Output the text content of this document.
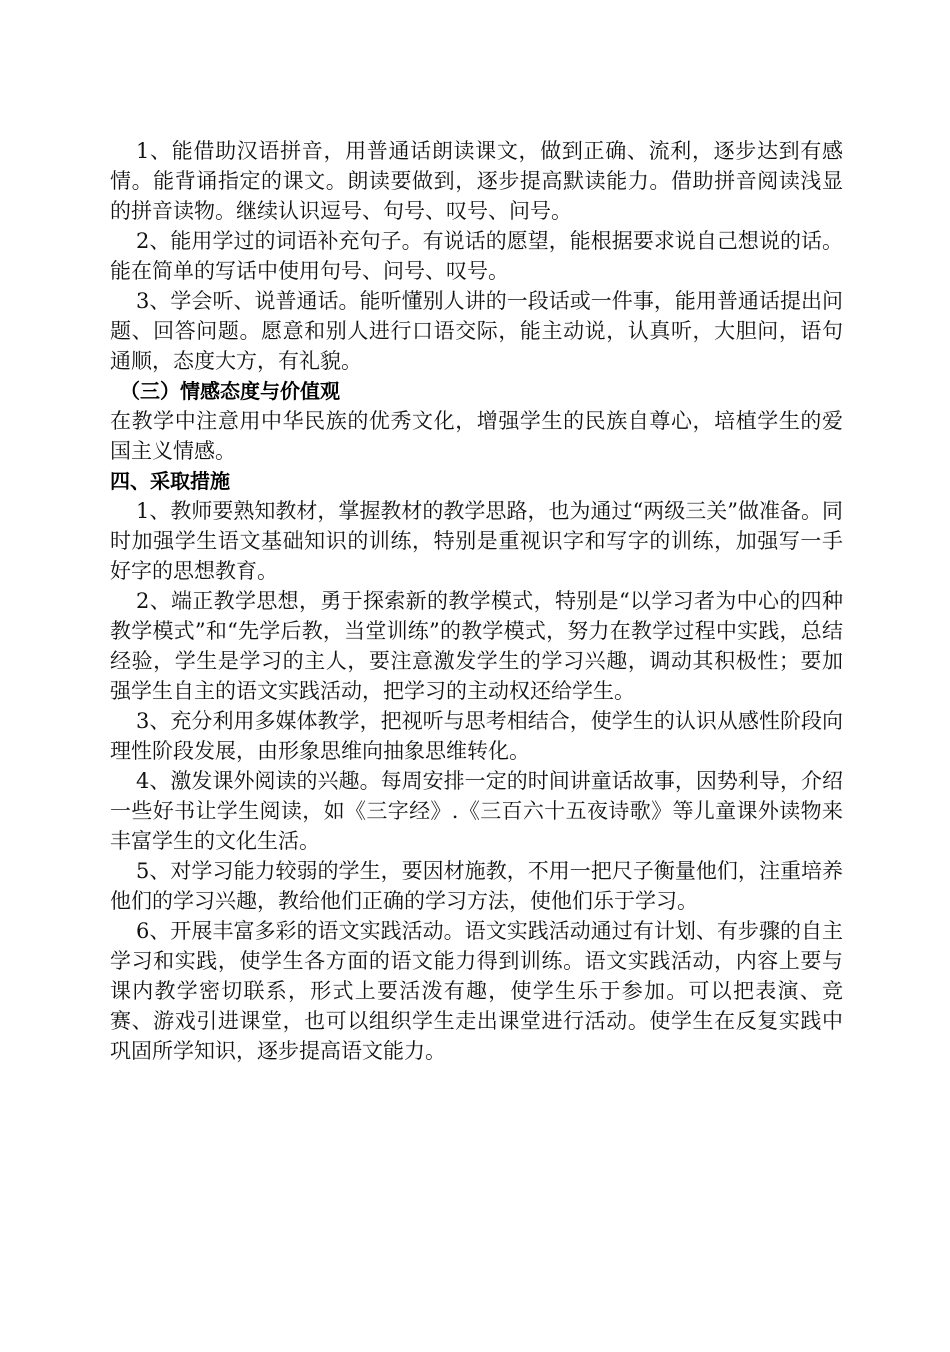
1、能借助汉语拼音，用普通话朗读课文，做到正确、流利，逐步达到有感情。能背诵指定的课文。朗读要做到，逐步提高默读能力。借助拼音阅读浅显的拼音读物。继续认识逗号、句号、叹号、问号。

2、能用学过的词语补充句子。有说话的愿望，能根据要求说自己想说的话。能在简单的写话中使用句号、问号、叹号。

3、学会听、说普通话。能听懂别人讲的一段话或一件事，能用普通话提出问题、回答问题。愿意和别人进行口语交际，能主动说，认真听，大胆问，语句通顺，态度大方，有礼貌。

（三）情感态度与价值观

在教学中注意用中华民族的优秀文化，增强学生的民族自尊心，培植学生的爱国主义情感。

四、采取措施

1、教师要熟知教材，掌握教材的教学思路，也为通过“两级三关”做准备。同时加强学生语文基础知识的训练，特别是重视识字和写字的训练，加强写一手好字的思想教育。

2、端正教学思想，勇于探索新的教学模式，特别是“以学习者为中心的四种教学模式”和“先学后教，当堂训练”的教学模式，努力在教学过程中实践，总结经验，学生是学习的主人，要注意激发学生的学习兴趣，调动其积极性；要加强学生自主的语文实践活动，把学习的主动权还给学生。

3、充分利用多媒体教学，把视听与思考相结合，使学生的认识从感性阶段向理性阶段发展，由形象思维向抽象思维转化。

4、激发课外阅读的兴趣。每周安排一定的时间讲童话故事，因势利导，介绍一些好书让学生阅读，如《三字经》.《三百六十五夜诗歌》等儿童课外读物来丰富学生的文化生活。

5、对学习能力较弱的学生，要因材施教，不用一把尺子衡量他们，注重培养他们的学习兴趣，教给他们正确的学习方法，使他们乐于学习。

6、开展丰富多彩的语文实践活动。语文实践活动通过有计划、有步骤的自主学习和实践，使学生各方面的语文能力得到训练。语文实践活动，内容上要与课内教学密切联系，形式上要活泼有趣，使学生乐于参加。可以把表演、竞赛、游戏引进课堂，也可以组织学生走出课堂进行活动。使学生在反复实践中巩固所学知识，逐步提高语文能力。
